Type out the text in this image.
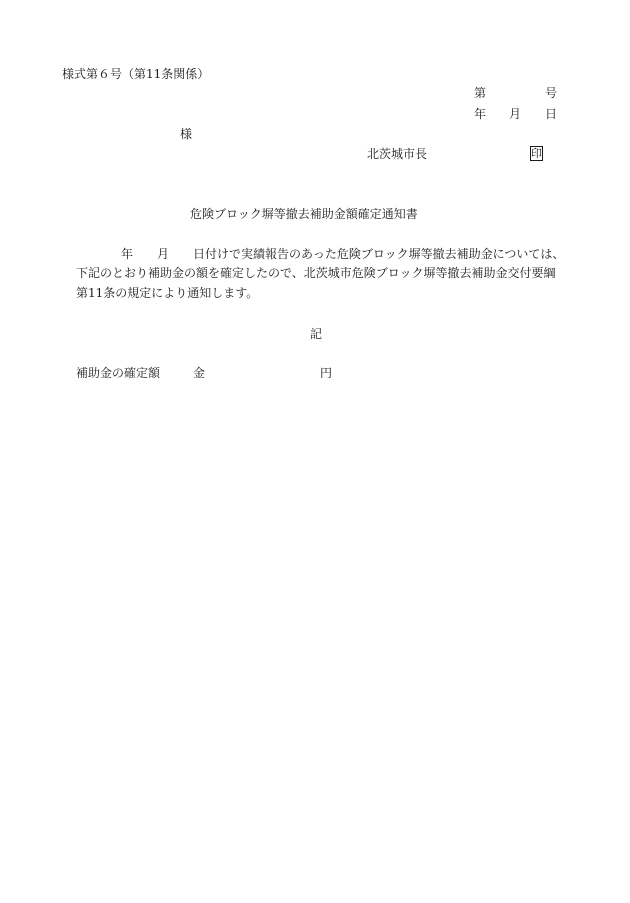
様式第６号（第11条関係）
第	号
年 月 日
様
北茨城市長	印
危険ブロック塀等撤去補助金額確定通知書
年 月 日付けで実績報告のあった危険ブロック塀等撤去補助金については、
下記のとおり補助金の額を確定したので、北茨城市危険ブロック塀等撤去補助金交付要綱
第11条の規定により通知します。
記
補助金の確定額	金	円
